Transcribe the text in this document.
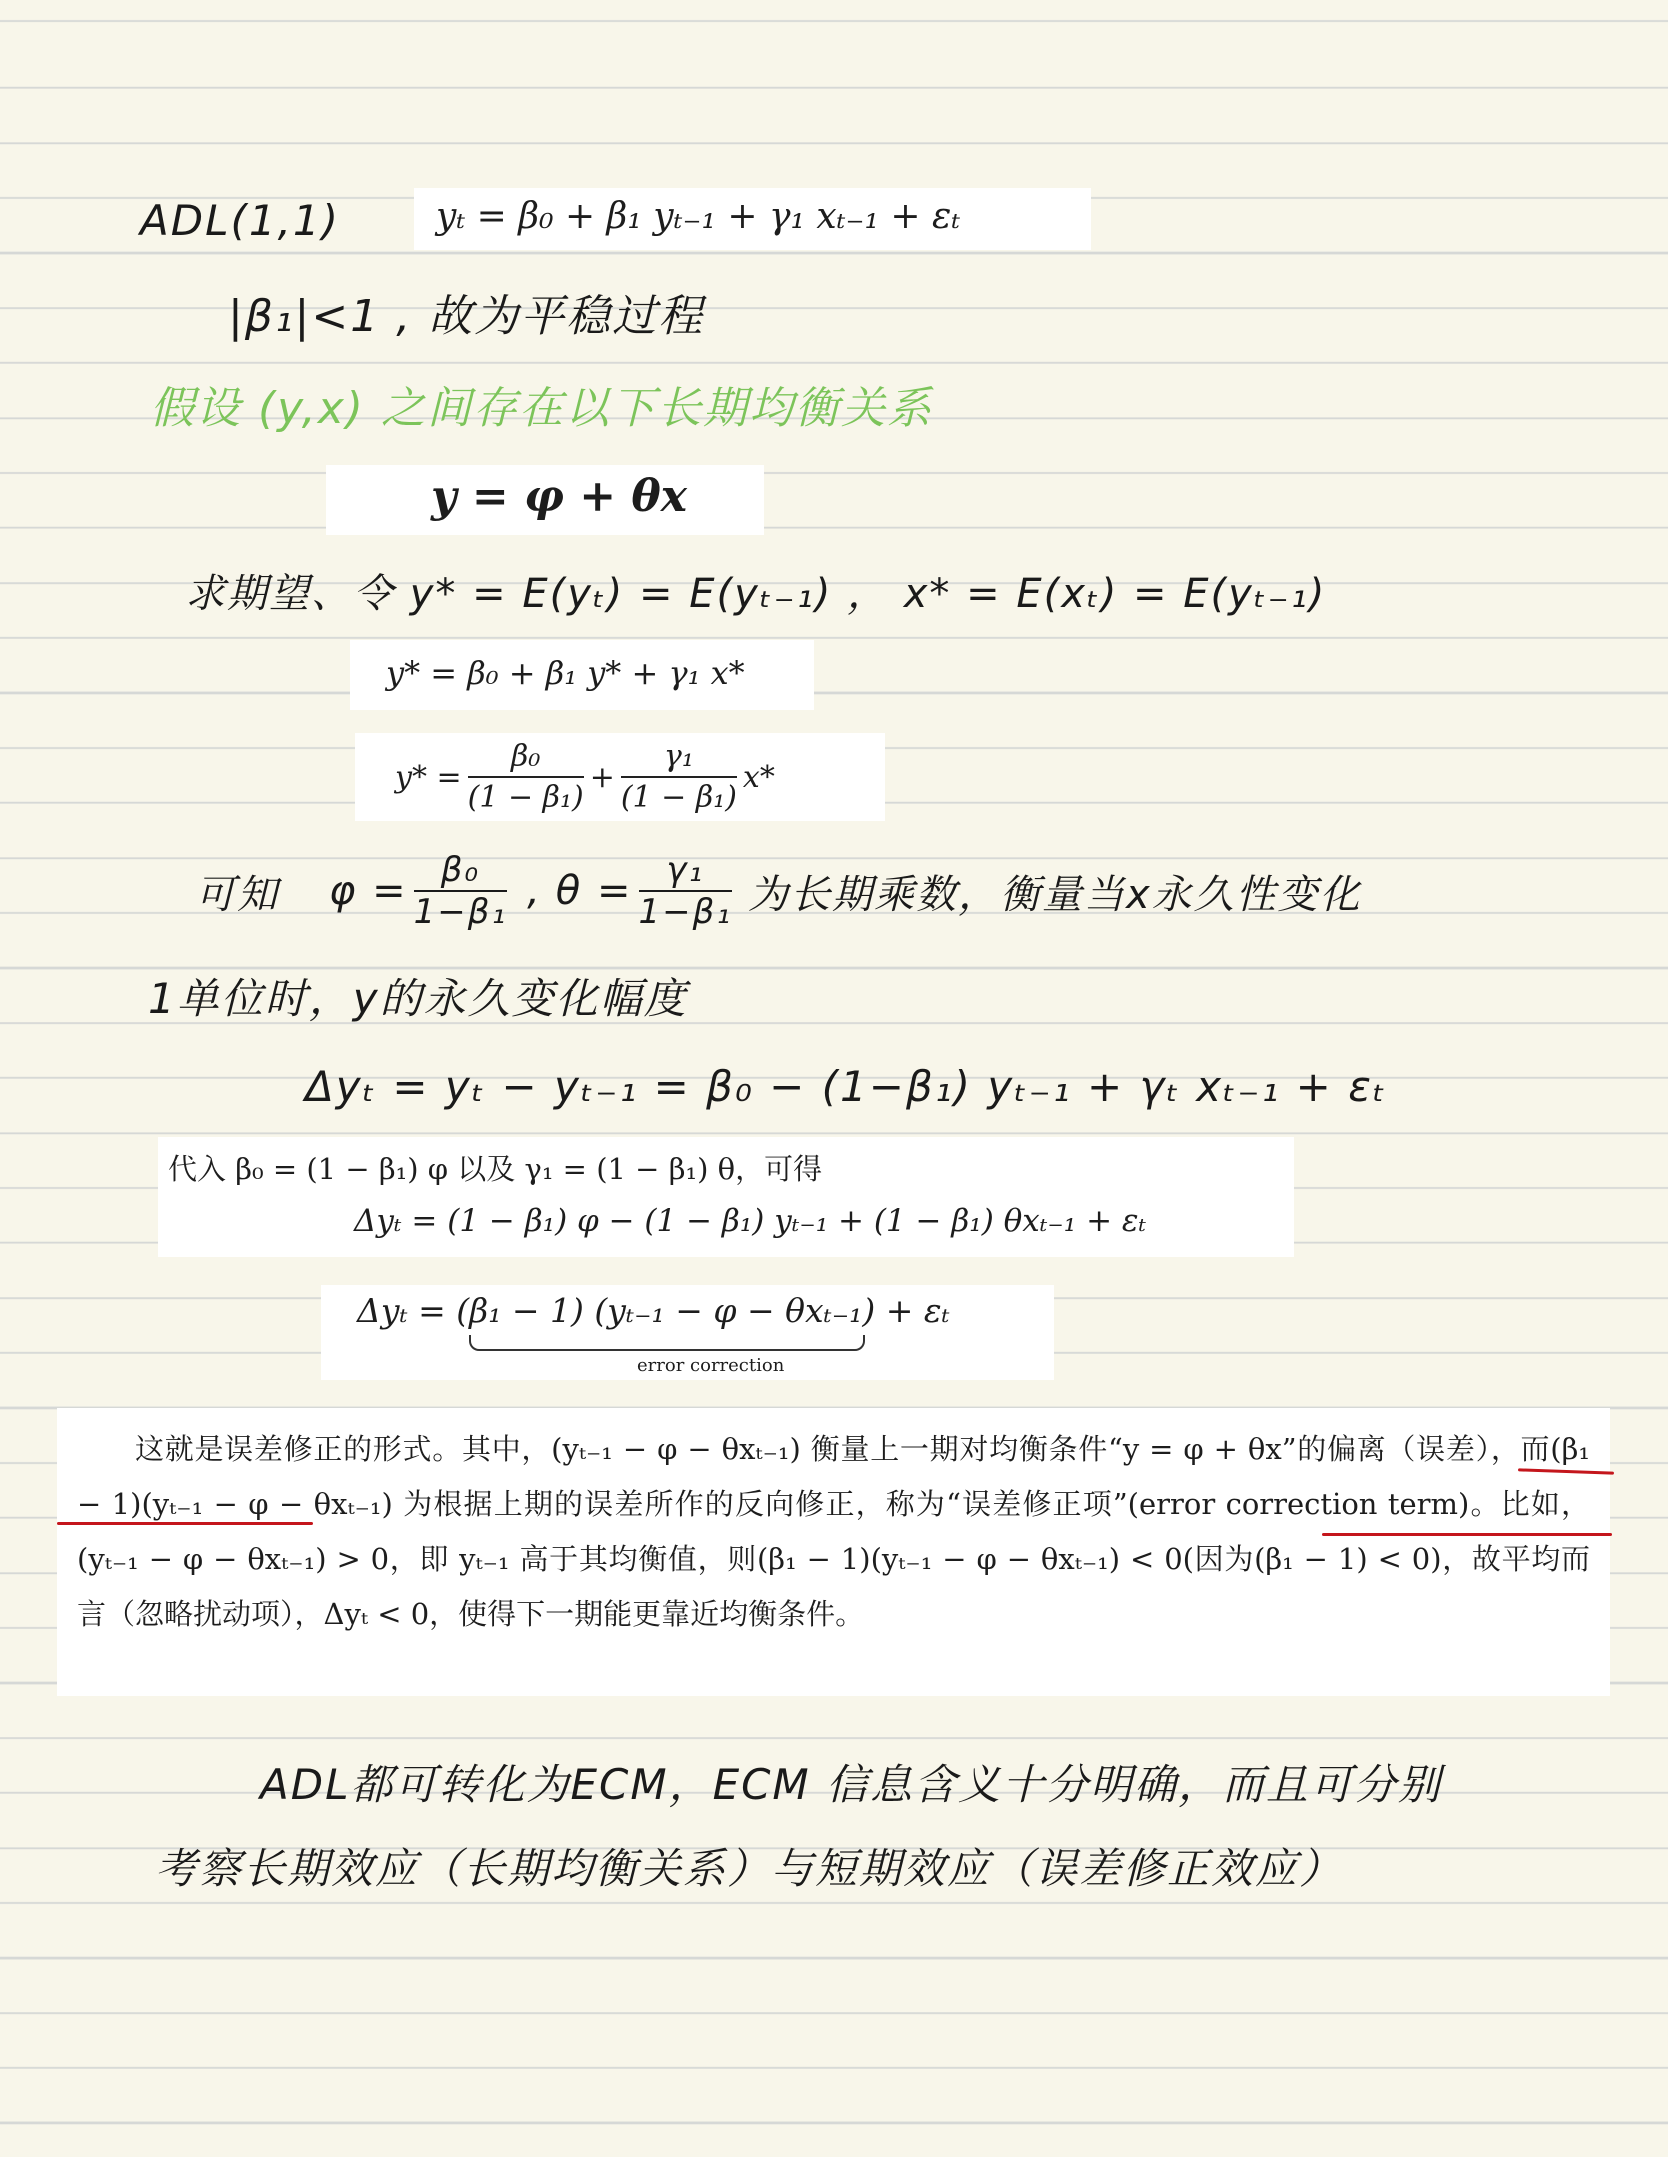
ADL(1,1)	yₜ = β₀ + β₁ yₜ₋₁ + γ₁ xₜ₋₁ + εₜ
|β₁|<1 , 故为平稳过程
假设 (y,x) 之间存在以下长期均衡关系
y = φ + θx
求期望、令 y* = E(yₜ) = E(yₜ₋₁) ， x* = E(xₜ) = E(yₜ₋₁)
y* = β₀ + β₁ y* + γ₁ x*
$y* = \frac{\text{β₀}}{\text{(1 − β₁)}} + \frac{\text{γ₁}}{\text{(1 − β₁)}} x*$
可知 $\varphi = \frac{\text{β₀}}{\text{1−β₁}}$ , $\theta = \frac{\text{γ₁}}{\text{1−β₁}}$ 为长期乘数，衡量当x永久性变化
1单位时，y的永久变化幅度
Δyₜ = yₜ − yₜ₋₁ = β₀ − (1−β₁) yₜ₋₁ + γₜ xₜ₋₁ + εₜ
代入 β₀ = (1 − β₁) φ 以及 γ₁ = (1 − β₁) θ，可得
Δyₜ = (1 − β₁) φ − (1 − β₁) yₜ₋₁ + (1 − β₁) θxₜ₋₁ + εₜ
Δyₜ = (β₁ − 1) (yₜ₋₁ − φ − θxₜ₋₁) + εₜ
error correction

这就是误差修正的形式。其中，(yₜ₋₁ − φ − θxₜ₋₁) 衡量上一期对均衡条件“y = φ + θx”的偏离（误差），而(β₁ − 1)(yₜ₋₁ − φ − θxₜ₋₁) 为根据上期的误差所作的反向修正，称为“误差修正项”(error correction term)。比如，(yₜ₋₁ − φ − θxₜ₋₁) > 0，即 yₜ₋₁ 高于其均衡值，则(β₁ − 1)(yₜ₋₁ − φ − θxₜ₋₁) < 0(因为(β₁ − 1) < 0)，故平均而言（忽略扰动项），Δyₜ < 0，使得下一期能更靠近均衡条件。

ADL都可转化为ECM，ECM 信息含义十分明确，而且可分别
考察长期效应（长期均衡关系）与短期效应（误差修正效应）
